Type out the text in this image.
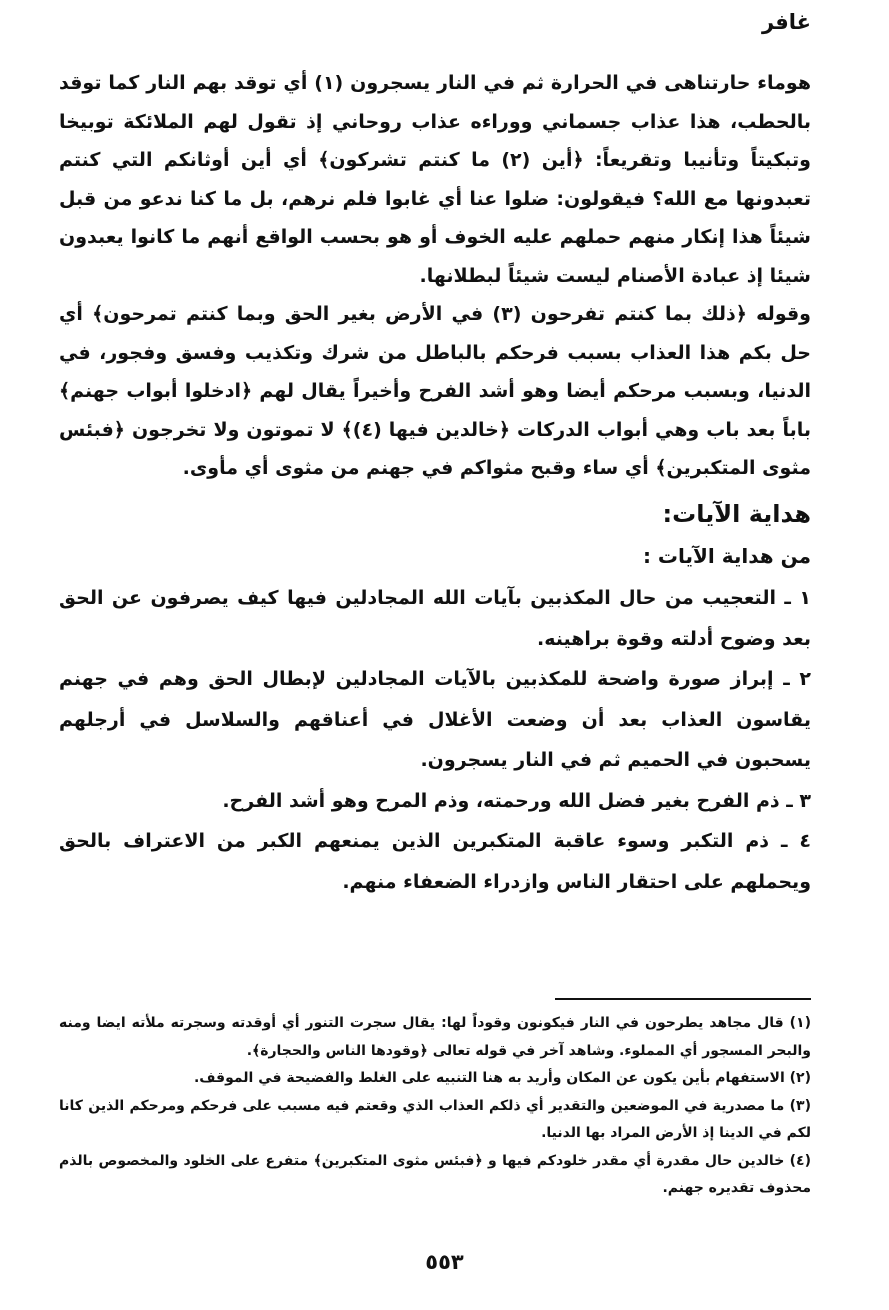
غافر

هوماء حارتناهى في الحرارة ثم في النار يسجرون (١) أي توقد بهم النار كما توقد بالحطب، هذا عذاب جسماني ووراءه عذاب روحاني إذ تقول لهم الملائكة توبيخا وتبكيتاً وتأنيبا وتقريعاً: ﴿أين (٢) ما كنتم تشركون﴾ أي أين أوثانكم التي كنتم تعبدونها مع الله؟ فيقولون: ضلوا عنا أي غابوا فلم نرهم، بل ما كنا ندعو من قبل شيئاً هذا إنكار منهم حملهم عليه الخوف أو هو بحسب الواقع أنهم ما كانوا يعبدون شيئا إذ عبادة الأصنام ليست شيئاً لبطلانها.

وقوله ﴿ذلك بما كنتم تفرحون (٣) في الأرض بغير الحق وبما كنتم تمرحون﴾ أي حل بكم هذا العذاب بسبب فرحكم بالباطل من شرك وتكذيب وفسق وفجور، في الدنيا، وبسبب مرحكم أيضا وهو أشد الفرح وأخيراً يقال لهم ﴿ادخلوا أبواب جهنم﴾ باباً بعد باب وهي أبواب الدركات ﴿خالدين فيها (٤)﴾ لا تموتون ولا تخرجون ﴿فبئس مثوى المتكبرين﴾ أي ساء وقبح مثواكم في جهنم من مثوى أي مأوى.

هداية الآيات:
من هداية الآيات :

١ ـ التعجيب من حال المكذبين بآيات الله المجادلين فيها كيف يصرفون عن الحق بعد وضوح أدلته وقوة براهينه.

٢ ـ إبراز صورة واضحة للمكذبين بالآيات المجادلين لإبطال الحق وهم في جهنم يقاسون العذاب بعد أن وضعت الأغلال في أعناقهم والسلاسل في أرجلهم يسحبون في الحميم ثم في النار يسجرون.

٣ ـ ذم الفرح بغير فضل الله ورحمته، وذم المرح وهو أشد الفرح.

٤ ـ ذم التكبر وسوء عاقبة المتكبرين الذين يمنعهم الكبر من الاعتراف بالحق ويحملهم على احتقار الناس وازدراء الضعفاء منهم.

(١) قال مجاهد يطرحون في النار فيكونون وقوداً لها: يقال سجرت التنور أي أوقدته وسجرته ملأته ايضا ومنه والبحر المسجور أي المملوء. وشاهد آخر في قوله تعالى ﴿وقودها الناس والحجارة﴾.

(٢) الاستفهام بأين يكون عن المكان وأريد به هنا التنبيه على الغلط والفضيحة في الموقف.

(٣) ما مصدرية في الموضعين والتقدير أي ذلكم العذاب الذي وقعتم فيه مسبب على فرحكم ومرحكم الذين كانا لكم في الدينا إذ الأرض المراد بها الدنيا.

(٤) خالدين حال مقدرة أي مقدر خلودكم فيها و ﴿فبئس مثوى المتكبرين﴾ متفرع على الخلود والمخصوص بالذم محذوف تقديره جهنم.

٥٥٣
